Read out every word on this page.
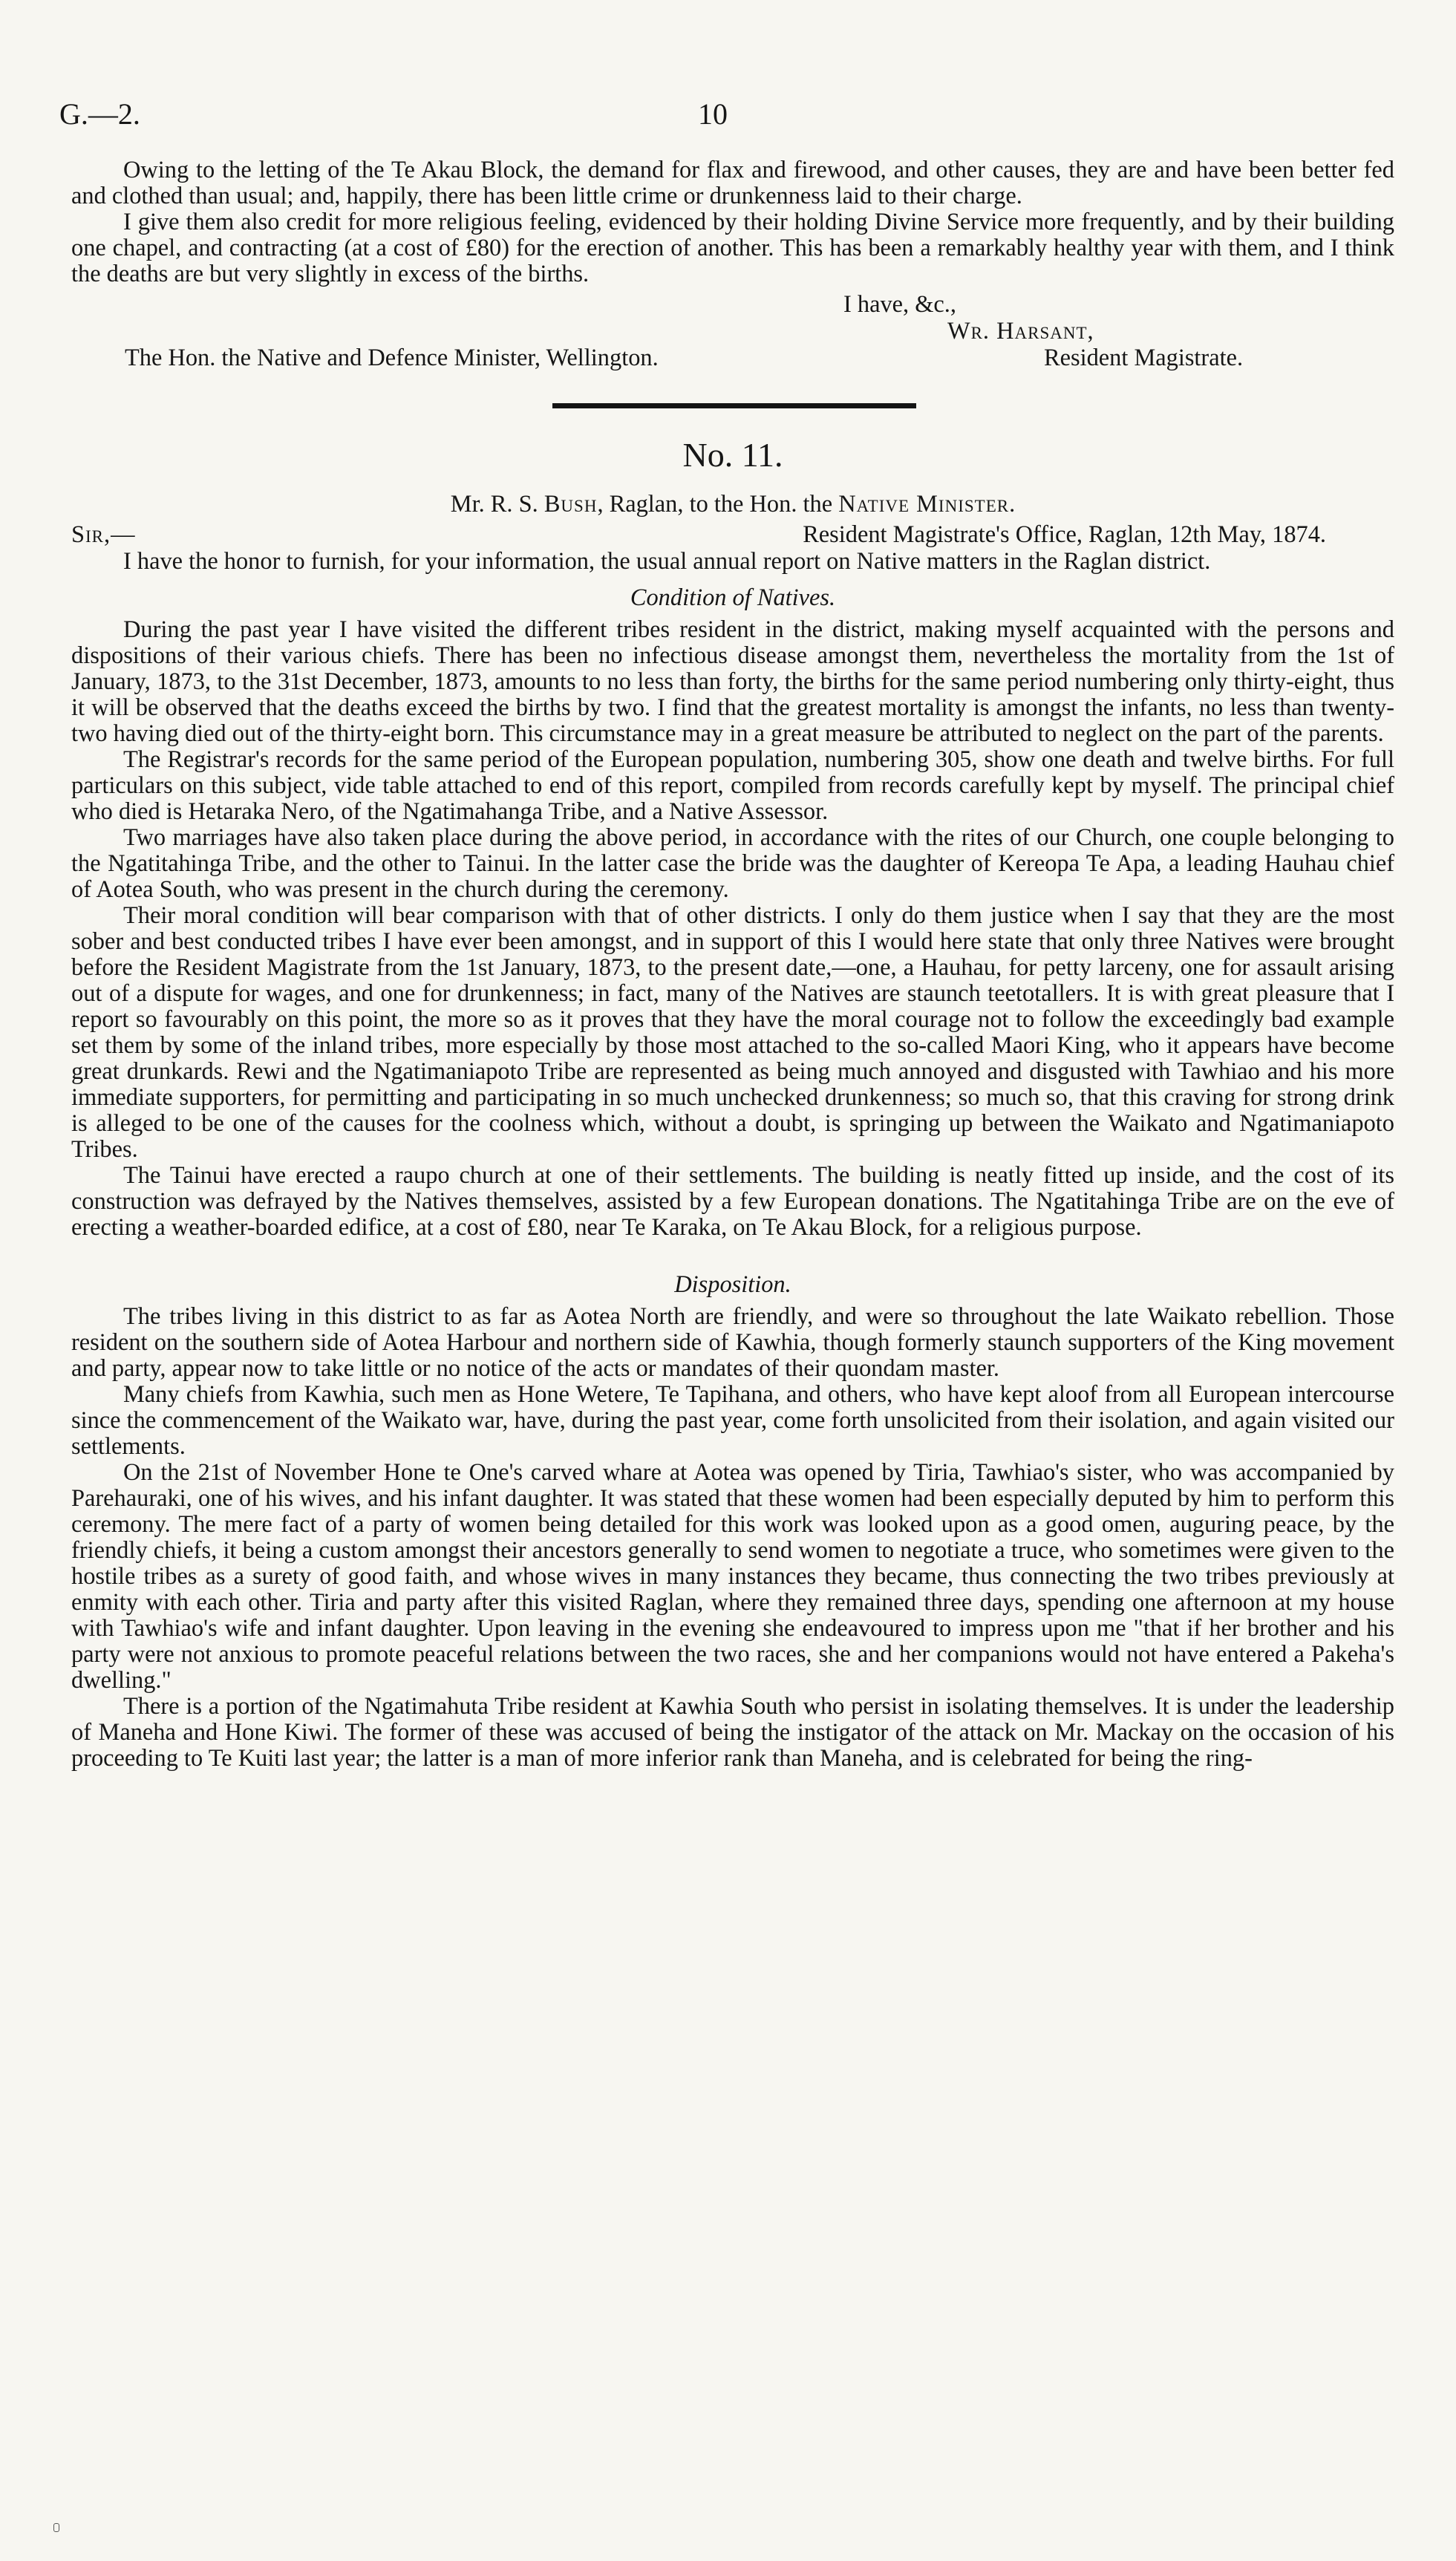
G.—2.	10

Owing to the letting of the Te Akau Block, the demand for flax and firewood, and other causes, they are and have been better fed and clothed than usual; and, happily, there has been little crime or drunkenness laid to their charge.

I give them also credit for more religious feeling, evidenced by their holding Divine Service more frequently, and by their building one chapel, and contracting (at a cost of £80) for the erection of another. This has been a remarkably healthy year with them, and I think the deaths are but very slightly in excess of the births.

I have, &c.,
Wr. Harsant,
The Hon. the Native and Defence Minister, Wellington.	Resident Magistrate.
No. 11.
Mr. R. S. Bush, Raglan, to the Hon. the Native Minister.
Sir,—	Resident Magistrate's Office, Raglan, 12th May, 1874.

I have the honor to furnish, for your information, the usual annual report on Native matters in the Raglan district.

Condition of Natives.

During the past year I have visited the different tribes resident in the district, making myself acquainted with the persons and dispositions of their various chiefs. There has been no infectious disease amongst them, nevertheless the mortality from the 1st of January, 1873, to the 31st December, 1873, amounts to no less than forty, the births for the same period numbering only thirty-eight, thus it will be observed that the deaths exceed the births by two. I find that the greatest mortality is amongst the infants, no less than twenty-two having died out of the thirty-eight born. This circumstance may in a great measure be attributed to neglect on the part of the parents.

The Registrar's records for the same period of the European population, numbering 305, show one death and twelve births. For full particulars on this subject, vide table attached to end of this report, compiled from records carefully kept by myself. The principal chief who died is Hetaraka Nero, of the Ngatimahanga Tribe, and a Native Assessor.

Two marriages have also taken place during the above period, in accordance with the rites of our Church, one couple belonging to the Ngatitahinga Tribe, and the other to Tainui. In the latter case the bride was the daughter of Kereopa Te Apa, a leading Hauhau chief of Aotea South, who was present in the church during the ceremony.

Their moral condition will bear comparison with that of other districts. I only do them justice when I say that they are the most sober and best conducted tribes I have ever been amongst, and in support of this I would here state that only three Natives were brought before the Resident Magistrate from the 1st January, 1873, to the present date,—one, a Hauhau, for petty larceny, one for assault arising out of a dispute for wages, and one for drunkenness; in fact, many of the Natives are staunch teetotallers. It is with great pleasure that I report so favourably on this point, the more so as it proves that they have the moral courage not to follow the exceedingly bad example set them by some of the inland tribes, more especially by those most attached to the so-called Maori King, who it appears have become great drunkards. Rewi and the Ngatimaniapoto Tribe are represented as being much annoyed and disgusted with Tawhiao and his more immediate supporters, for permitting and participating in so much unchecked drunkenness; so much so, that this craving for strong drink is alleged to be one of the causes for the coolness which, without a doubt, is springing up between the Waikato and Ngatimaniapoto Tribes.

The Tainui have erected a raupo church at one of their settlements. The building is neatly fitted up inside, and the cost of its construction was defrayed by the Natives themselves, assisted by a few European donations. The Ngatitahinga Tribe are on the eve of erecting a weather-boarded edifice, at a cost of £80, near Te Karaka, on Te Akau Block, for a religious purpose.

Disposition.

The tribes living in this district to as far as Aotea North are friendly, and were so throughout the late Waikato rebellion. Those resident on the southern side of Aotea Harbour and northern side of Kawhia, though formerly staunch supporters of the King movement and party, appear now to take little or no notice of the acts or mandates of their quondam master.

Many chiefs from Kawhia, such men as Hone Wetere, Te Tapihana, and others, who have kept aloof from all European intercourse since the commencement of the Waikato war, have, during the past year, come forth unsolicited from their isolation, and again visited our settlements.

On the 21st of November Hone te One's carved whare at Aotea was opened by Tiria, Tawhiao's sister, who was accompanied by Parehauraki, one of his wives, and his infant daughter. It was stated that these women had been especially deputed by him to perform this ceremony. The mere fact of a party of women being detailed for this work was looked upon as a good omen, auguring peace, by the friendly chiefs, it being a custom amongst their ancestors generally to send women to negotiate a truce, who sometimes were given to the hostile tribes as a surety of good faith, and whose wives in many instances they became, thus connecting the two tribes previously at enmity with each other. Tiria and party after this visited Raglan, where they remained three days, spending one afternoon at my house with Tawhiao's wife and infant daughter. Upon leaving in the evening she endeavoured to impress upon me "that if her brother and his party were not anxious to promote peaceful relations between the two races, she and her companions would not have entered a Pakeha's dwelling."

There is a portion of the Ngatimahuta Tribe resident at Kawhia South who persist in isolating themselves. It is under the leadership of Maneha and Hone Kiwi. The former of these was accused of being the instigator of the attack on Mr. Mackay on the occasion of his proceeding to Te Kuiti last year; the latter is a man of more inferior rank than Maneha, and is celebrated for being the ring-
